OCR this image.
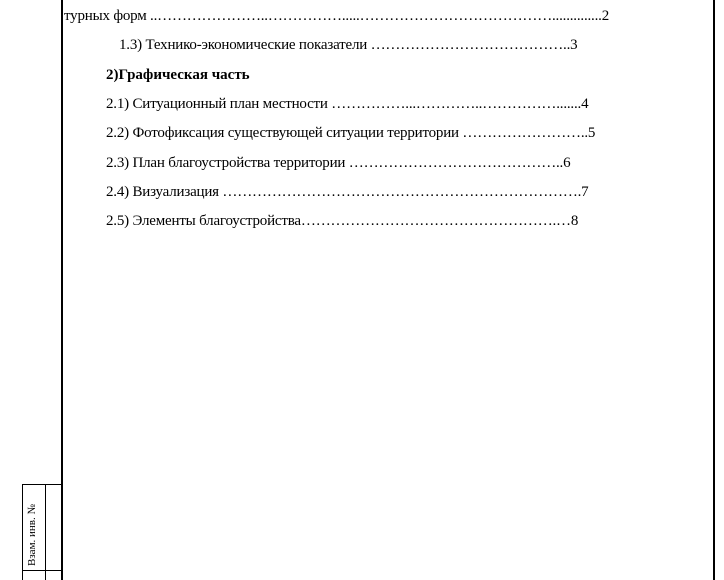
турных форм ..…………………..…………….....…………………………………..............2
1.3) Технико-экономические показатели …………………………………..3
2)Графическая часть
2.1) Ситуационный план местности ……………...…………..…………….......4
2.2) Фотофиксация существующей ситуации территории ……………………..5
2.3) План благоустройства территории ……………………………………..6
2.4) Визуализация ……………………………………………………………….7
2.5) Элементы благоустройства…………………………………………….…8
Взам. инв. №
